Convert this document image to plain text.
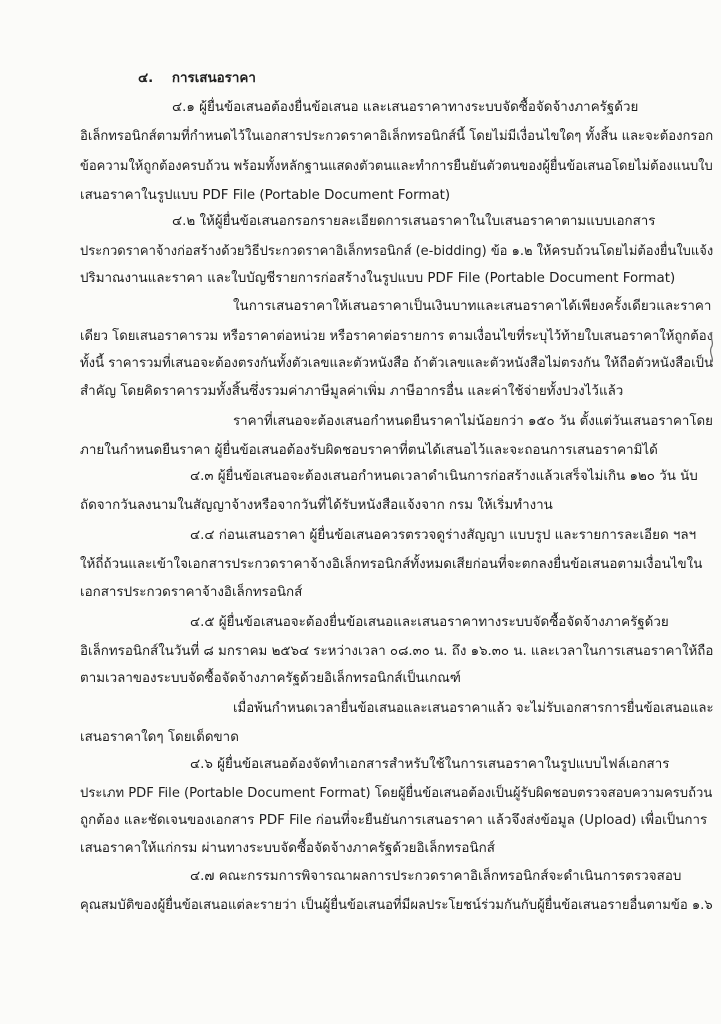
๔. การเสนอราคา
๔.๑ ผู้ยื่นข้อเสนอต้องยื่นข้อเสนอ และเสนอราคาทางระบบจัดซื้อจัดจ้างภาครัฐด้วย
อิเล็กทรอนิกส์ตามที่กำหนดไว้ในเอกสารประกวดราคาอิเล็กทรอนิกส์นี้ โดยไม่มีเงื่อนไขใดๆ ทั้งสิ้น และจะต้องกรอก
ข้อความให้ถูกต้องครบถ้วน พร้อมทั้งหลักฐานแสดงตัวตนและทำการยืนยันตัวตนของผู้ยื่นข้อเสนอโดยไม่ต้องแนบใบ
เสนอราคาในรูปแบบ PDF File (Portable Document Format)
๔.๒ ให้ผู้ยื่นข้อเสนอกรอกรายละเอียดการเสนอราคาในใบเสนอราคาตามแบบเอกสาร
ประกวดราคาจ้างก่อสร้างด้วยวิธีประกวดราคาอิเล็กทรอนิกส์ (e-bidding) ข้อ ๑.๒ ให้ครบถ้วนโดยไม่ต้องยื่นใบแจ้ง
ปริมาณงานและราคา และใบบัญชีรายการก่อสร้างในรูปแบบ PDF File (Portable Document Format)
ในการเสนอราคาให้เสนอราคาเป็นเงินบาทและเสนอราคาได้เพียงครั้งเดียวและราคา
เดียว โดยเสนอราคารวม หรือราคาต่อหน่วย หรือราคาต่อรายการ ตามเงื่อนไขที่ระบุไว้ท้ายใบเสนอราคาให้ถูกต้อง
ทั้งนี้ ราคารวมที่เสนอจะต้องตรงกันทั้งตัวเลขและตัวหนังสือ ถ้าตัวเลขและตัวหนังสือไม่ตรงกัน ให้ถือตัวหนังสือเป็น
สำคัญ โดยคิดราคารวมทั้งสิ้นซึ่งรวมค่าภาษีมูลค่าเพิ่ม ภาษีอากรอื่น และค่าใช้จ่ายทั้งปวงไว้แล้ว
ราคาที่เสนอจะต้องเสนอกำหนดยืนราคาไม่น้อยกว่า ๑๕๐ วัน ตั้งแต่วันเสนอราคาโดย
ภายในกำหนดยืนราคา ผู้ยื่นข้อเสนอต้องรับผิดชอบราคาที่ตนได้เสนอไว้และจะถอนการเสนอราคามิได้
๔.๓ ผู้ยื่นข้อเสนอจะต้องเสนอกำหนดเวลาดำเนินการก่อสร้างแล้วเสร็จไม่เกิน ๑๒๐ วัน นับ
ถัดจากวันลงนามในสัญญาจ้างหรือจากวันที่ได้รับหนังสือแจ้งจาก กรม ให้เริ่มทำงาน
๔.๔ ก่อนเสนอราคา ผู้ยื่นข้อเสนอควรตรวจดูร่างสัญญา แบบรูป และรายการละเอียด ฯลฯ
ให้ถี่ถ้วนและเข้าใจเอกสารประกวดราคาจ้างอิเล็กทรอนิกส์ทั้งหมดเสียก่อนที่จะตกลงยื่นข้อเสนอตามเงื่อนไขใน
เอกสารประกวดราคาจ้างอิเล็กทรอนิกส์
๔.๕ ผู้ยื่นข้อเสนอจะต้องยื่นข้อเสนอและเสนอราคาทางระบบจัดซื้อจัดจ้างภาครัฐด้วย
อิเล็กทรอนิกส์ในวันที่ ๘ มกราคม ๒๕๖๔ ระหว่างเวลา ๐๘.๓๐ น. ถึง ๑๖.๓๐ น. และเวลาในการเสนอราคาให้ถือ
ตามเวลาของระบบจัดซื้อจัดจ้างภาครัฐด้วยอิเล็กทรอนิกส์เป็นเกณฑ์
เมื่อพ้นกำหนดเวลายื่นข้อเสนอและเสนอราคาแล้ว จะไม่รับเอกสารการยื่นข้อเสนอและ
เสนอราคาใดๆ โดยเด็ดขาด
๔.๖ ผู้ยื่นข้อเสนอต้องจัดทำเอกสารสำหรับใช้ในการเสนอราคาในรูปแบบไฟล์เอกสาร
ประเภท PDF File (Portable Document Format) โดยผู้ยื่นข้อเสนอต้องเป็นผู้รับผิดชอบตรวจสอบความครบถ้วน
ถูกต้อง และชัดเจนของเอกสาร PDF File ก่อนที่จะยืนยันการเสนอราคา แล้วจึงส่งข้อมูล (Upload) เพื่อเป็นการ
เสนอราคาให้แก่กรม ผ่านทางระบบจัดซื้อจัดจ้างภาครัฐด้วยอิเล็กทรอนิกส์
๔.๗ คณะกรรมการพิจารณาผลการประกวดราคาอิเล็กทรอนิกส์จะดำเนินการตรวจสอบ
คุณสมบัติของผู้ยื่นข้อเสนอแต่ละรายว่า เป็นผู้ยื่นข้อเสนอที่มีผลประโยชน์ร่วมกันกับผู้ยื่นข้อเสนอรายอื่นตามข้อ ๑.๖
